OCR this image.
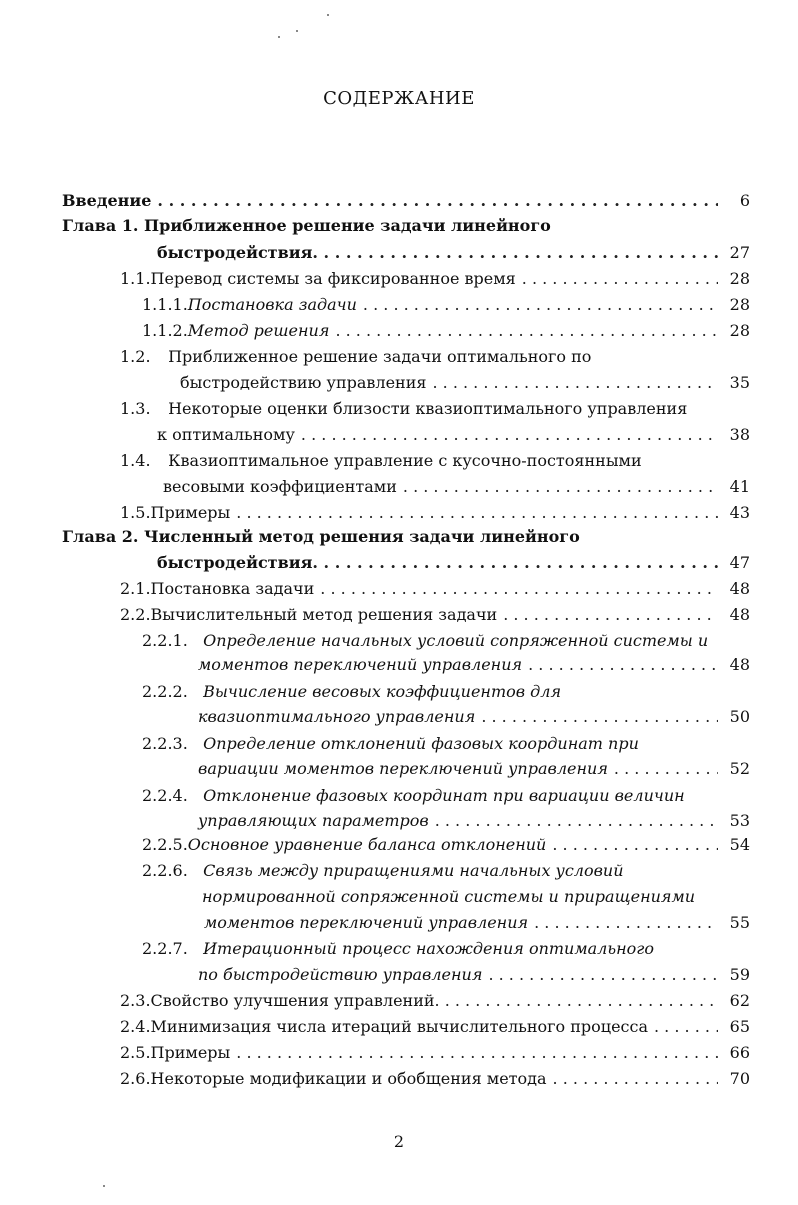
СОДЕРЖАНИЕ
Введение . . .	6
Глава 1. Приближенное решение задачи линейного
быстродействия . . .	27
1.1. Перевод системы за фиксированное время . . .	28
1.1.1. Постановка задачи . . .	28
1.1.2. Метод решения . . .	28
1.2. Приближенное решение задачи оптимального по
быстродействию управления . . .	35
1.3. Некоторые оценки близости квазиоптимального управления
к оптимальному . . .	38
1.4. Квазиоптимальное управление с кусочно-постоянными
весовыми коэффициентами . . .	41
1.5. Примеры . . .	43
Глава 2. Численный метод решения задачи линейного
быстродействия . . .	47
2.1. Постановка задачи . . .	48
2.2. Вычислительный метод решения задачи . . .	48
2.2.1. Определение начальных условий сопряженной системы и
моментов переключений управления . . .	48
2.2.2. Вычисление весовых коэффициентов для
квазиоптимального управления . . .	50
2.2.3. Определение отклонений фазовых координат при
вариации моментов переключений управления . . .	52
2.2.4. Отклонение фазовых координат при вариации величин
управляющих параметров . . .	53
2.2.5. Основное уравнение баланса отклонений . . .	54
2.2.6. Связь между приращениями начальных условий
нормированной сопряженной системы и приращениями
моментов переключений управления . . .	55
2.2.7. Итерационный процесс нахождения оптимального
по быстродействию управления . . .	59
2.3. Свойство улучшения управлений . . .	62
2.4. Минимизация числа итераций вычислительного процесса . . .	65
2.5. Примеры . . .	66
2.6. Некоторые модификации и обобщения метода . . .	70
2
